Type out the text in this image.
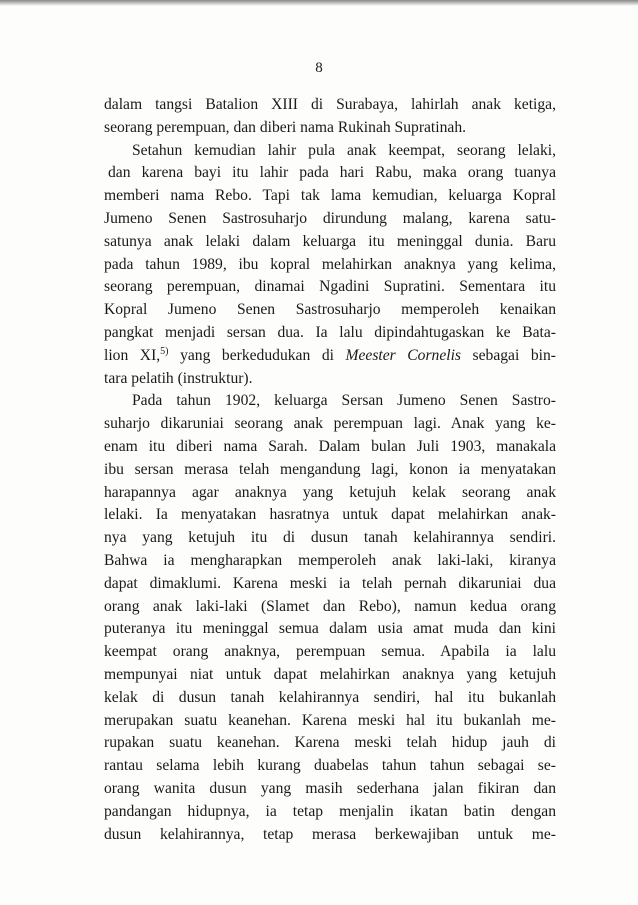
8
dalam tangsi Batalion XIII di Surabaya, lahirlah anak ketiga,
seorang perempuan, dan diberi nama Rukinah Supratinah.
Setahun kemudian lahir pula anak keempat, seorang lelaki,
dan karena bayi itu lahir pada hari Rabu, maka orang tuanya
memberi nama Rebo. Tapi tak lama kemudian, keluarga Kopral
Jumeno Senen Sastrosuharjo dirundung malang, karena satu-
satunya anak lelaki dalam keluarga itu meninggal dunia. Baru
pada tahun 1989, ibu kopral melahirkan anaknya yang kelima,
seorang perempuan, dinamai Ngadini Supratini. Sementara itu
Kopral Jumeno Senen Sastrosuharjo memperoleh kenaikan
pangkat menjadi sersan dua. Ia lalu dipindahtugaskan ke Bata-
lion XI,$^{5)}$ yang berkedudukan di Meester Cornelis sebagai bin-
tara pelatih (instruktur).
Pada tahun 1902, keluarga Sersan Jumeno Senen Sastro-
suharjo dikaruniai seorang anak perempuan lagi. Anak yang ke-
enam itu diberi nama Sarah. Dalam bulan Juli 1903, manakala
ibu sersan merasa telah mengandung lagi, konon ia menyatakan
harapannya agar anaknya yang ketujuh kelak seorang anak
lelaki. Ia menyatakan hasratnya untuk dapat melahirkan anak-
nya yang ketujuh itu di dusun tanah kelahirannya sendiri.
Bahwa ia mengharapkan memperoleh anak laki-laki, kiranya
dapat dimaklumi. Karena meski ia telah pernah dikaruniai dua
orang anak laki-laki (Slamet dan Rebo), namun kedua orang
puteranya itu meninggal semua dalam usia amat muda dan kini
keempat orang anaknya, perempuan semua. Apabila ia lalu
mempunyai niat untuk dapat melahirkan anaknya yang ketujuh
kelak di dusun tanah kelahirannya sendiri, hal itu bukanlah
merupakan suatu keanehan. Karena meski hal itu bukanlah me-
rupakan suatu keanehan. Karena meski telah hidup jauh di
rantau selama lebih kurang duabelas tahun tahun sebagai se-
orang wanita dusun yang masih sederhana jalan fikiran dan
pandangan hidupnya, ia tetap menjalin ikatan batin dengan
dusun kelahirannya, tetap merasa berkewajiban untuk me-
